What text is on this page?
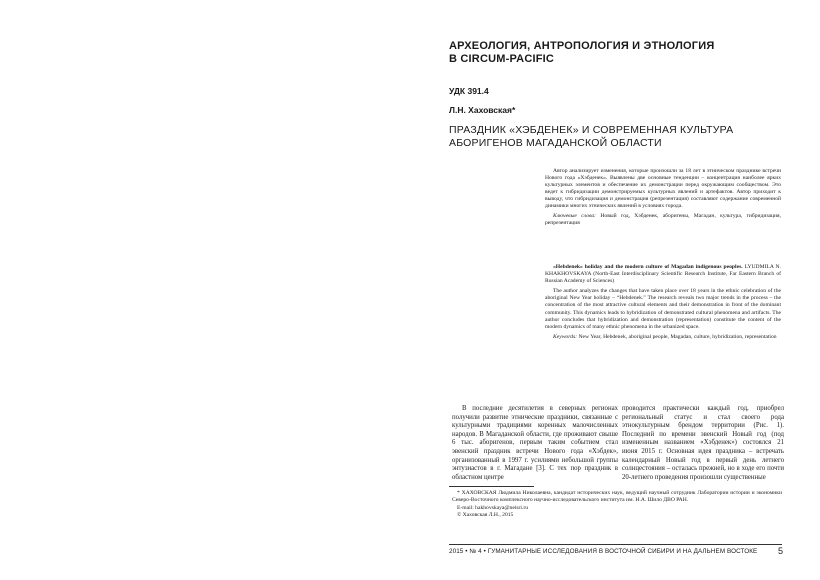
АРХЕОЛОГИЯ, АНТРОПОЛОГИЯ И ЭТНОЛОГИЯ
В CIRCUM-PACIFIC
УДК 391.4
Л.Н. Хаховская*
ПРАЗДНИК «ХЭБДЕНЕК» И СОВРЕМЕННАЯ КУЛЬТУРА
АБОРИГЕНОВ МАГАДАНСКОЙ ОБЛАСТИ

Автор анализирует изменения, которые произошли за 18 лет в этническом празднике встречи Нового года «Хэбденек». Выявлены две основные тенденции – концентрация наиболее ярких культурных элементов и обеспечение их демонстрации перед окружающим сообществом. Это ведет к гибридизации демонстрируемых культурных явлений и артефактов. Автор приходит к выводу, что гибридизация и демонстрация (репрезентация) составляют содержание современной динамики многих этнических явлений в условиях города.

Ключевые слова: Новый год, Хэбденек, аборигены, Магадан, культура, гибридизация, репрезентация

«Hebdenek» holiday and the modern culture of Magadan indigenous peoples. LYUDMILA N. KHAKHOVSKAYA (North-East Interdisciplinary Scientific Research Institute, Far Eastern Branch of Russian Academy of Sciences)

The author analyzes the changes that have taken place over 18 years in the ethnic celebration of the aboriginal New Year holiday – “Hebdenek.” The research reveals two major trends in the process – the concentration of the most attractive cultural elements and their demonstration in front of the dominant community. This dynamics leads to hybridization of demonstrated cultural phenomena and artifacts. The author concludes that hybridization and demonstration (representation) constitute the content of the modern dynamics of many ethnic phenomena in the urbanized space.

Keywords: New Year, Hebdenek, aboriginal people, Magadan, culture, hybridization, representation

В последние десятилетия в северных регионах получили развитие этнические праздники, связанные с культурными традициями коренных малочисленных народов. В Магаданской области, где проживают свыше 6 тыс. аборигенов, первым таким событием стал эвенский праздник встречи Нового года «Хэбдек», организованный в 1997 г. усилиями небольшой группы энтузиастов в г. Магадане [3]. С тех пор праздник в областном центре

проводится практически каждый год, приобрел региональный статус и стал своего рода этнокультурным брендом территории (Рис. 1). Последний по времени эвенский Новый год (под измененным названием «Хэбденек») состоялся 21 июня 2015 г. Основная идея праздника – встречать календарный Новый год в первый день летнего солнцестояния – осталась прежней, но в ходе его почти 20-летнего проведения произошли существенные

* ХАХОВСКАЯ Людмила Николаевна, кандидат исторических наук, ведущий научный сотрудник Лаборатории истории и экономики Северо-Восточного комплексного научно-исследовательского института им. Н.А. Шило ДВО РАН.

E-mail: hakhovskaya@neisri.ru

© Хаховская Л.Н., 2015

2015 • № 4 • ГУМАНИТАРНЫЕ ИССЛЕДОВАНИЯ В ВОСТОЧНОЙ СИБИРИ И НА ДАЛЬНЕМ ВОСТОКЕ	5
